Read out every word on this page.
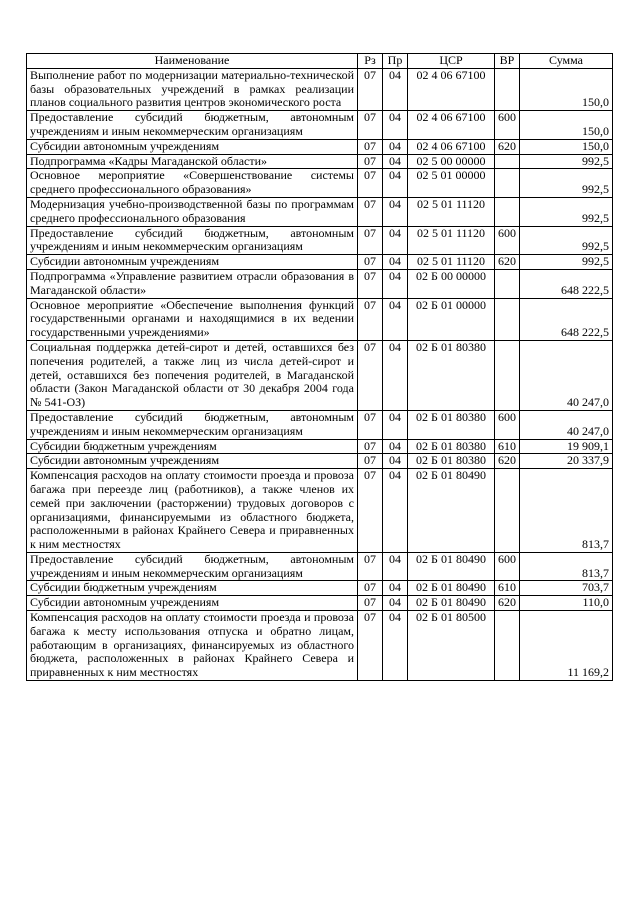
Наименование	Рз	Пр	ЦСР	ВР	Сумма
Выполнение работ по модернизации материально-технической базы образовательных учреждений в рамках реализации планов социального развития центров экономического роста	07	04	02 4 06 67100		150,0
Предоставление субсидий бюджетным, автономным учреждениям и иным некоммерческим организациям	07	04	02 4 06 67100	600	150,0
Субсидии автономным учреждениям	07	04	02 4 06 67100	620	150,0
Подпрограмма «Кадры Магаданской области»	07	04	02 5 00 00000		992,5
Основное мероприятие «Совершенствование системы среднего профессионального образования»	07	04	02 5 01 00000		992,5
Модернизация учебно-производственной базы по программам среднего профессионального образования	07	04	02 5 01 11120		992,5
Предоставление субсидий бюджетным, автономным учреждениям и иным некоммерческим организациям	07	04	02 5 01 11120	600	992,5
Субсидии автономным учреждениям	07	04	02 5 01 11120	620	992,5
Подпрограмма «Управление развитием отрасли образования в Магаданской области»	07	04	02 Б 00 00000		648 222,5
Основное мероприятие «Обеспечение выполнения функций государственными органами и находящимися в их ведении государственными учреждениями»	07	04	02 Б 01 00000		648 222,5
Социальная поддержка детей-сирот и детей, оставшихся без попечения родителей, а также лиц из числа детей-сирот и детей, оставшихся без попечения родителей, в Магаданской области (Закон Магаданской области от 30 декабря 2004 года № 541-ОЗ)	07	04	02 Б 01 80380		40 247,0
Предоставление субсидий бюджетным, автономным учреждениям и иным некоммерческим организациям	07	04	02 Б 01 80380	600	40 247,0
Субсидии бюджетным учреждениям	07	04	02 Б 01 80380	610	19 909,1
Субсидии автономным учреждениям	07	04	02 Б 01 80380	620	20 337,9
Компенсация расходов на оплату стоимости проезда и провоза багажа при переезде лиц (работников), а также членов их семей при заключении (расторжении) трудовых договоров с организациями, финансируемыми из областного бюджета, расположенными в районах Крайнего Севера и приравненных к ним местностях	07	04	02 Б 01 80490		813,7
Предоставление субсидий бюджетным, автономным учреждениям и иным некоммерческим организациям	07	04	02 Б 01 80490	600	813,7
Субсидии бюджетным учреждениям	07	04	02 Б 01 80490	610	703,7
Субсидии автономным учреждениям	07	04	02 Б 01 80490	620	110,0
Компенсация расходов на оплату стоимости проезда и провоза багажа к месту использования отпуска и обратно лицам, работающим в организациях, финансируемых из областного бюджета, расположенных в районах Крайнего Севера и приравненных к ним местностях	07	04	02 Б 01 80500		11 169,2
